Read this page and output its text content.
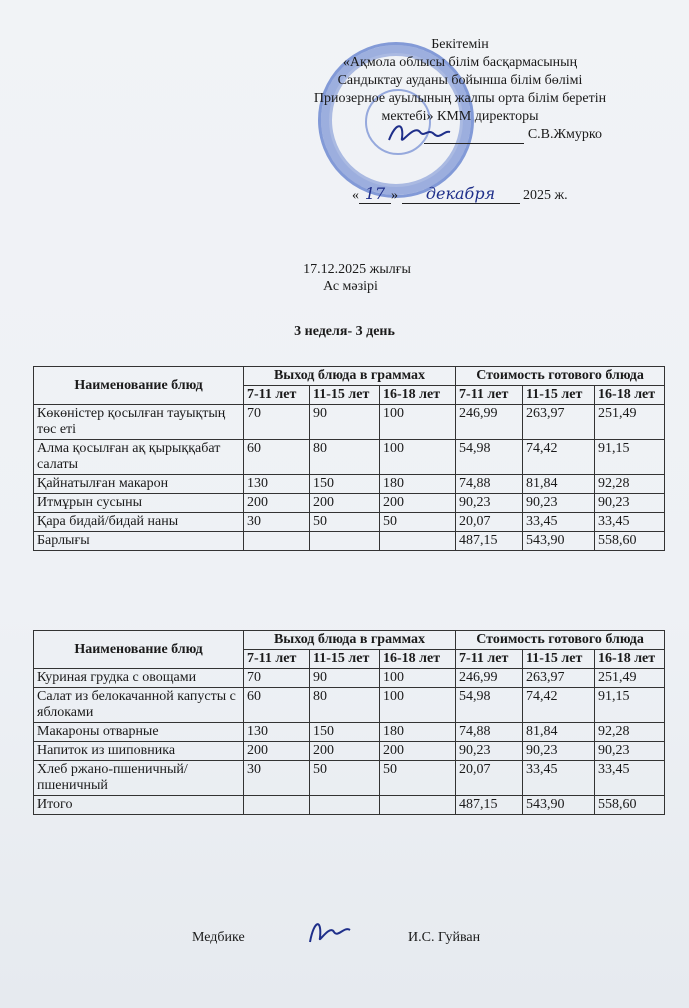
Бекітемін
«Ақмола облысы білім басқармасының
Сандыктау ауданы бойынша білім бөлімі
Приозерное ауылының жалпы орта білім беретін
мектебі» КММ директоры
С.В.Жмурко
« 17 » декабря 2025 ж.
17.12.2025 жылғы
Ас мәзірі
3 неделя- 3 день
Наименование блюд	Выход блюда в граммах			Стоимость готового блюда		
	7-11 лет	11-15 лет	16-18 лет	7-11 лет	11-15 лет	16-18 лет
Көкөністер қосылған тауықтың төс еті	70	90	100	246,99	263,97	251,49
Алма қосылған ақ қырыққабат салаты	60	80	100	54,98	74,42	91,15
Қайнатылған макарон	130	150	180	74,88	81,84	92,28
Итмұрын сусыны	200	200	200	90,23	90,23	90,23
Қара бидай/бидай наны	30	50	50	20,07	33,45	33,45
Барлығы				487,15	543,90	558,60
Наименование блюд	Выход блюда в граммах			Стоимость готового блюда		
	7-11 лет	11-15 лет	16-18 лет	7-11 лет	11-15 лет	16-18 лет
Куриная грудка с овощами	70	90	100	246,99	263,97	251,49
Салат из белокачанной капусты с яблоками	60	80	100	54,98	74,42	91,15
Макароны отварные	130	150	180	74,88	81,84	92,28
Напиток из шиповника	200	200	200	90,23	90,23	90,23
Хлеб ржано-пшеничный/пшеничный	30	50	50	20,07	33,45	33,45
Итого				487,15	543,90	558,60
Медбике	И.С. Гуйван
